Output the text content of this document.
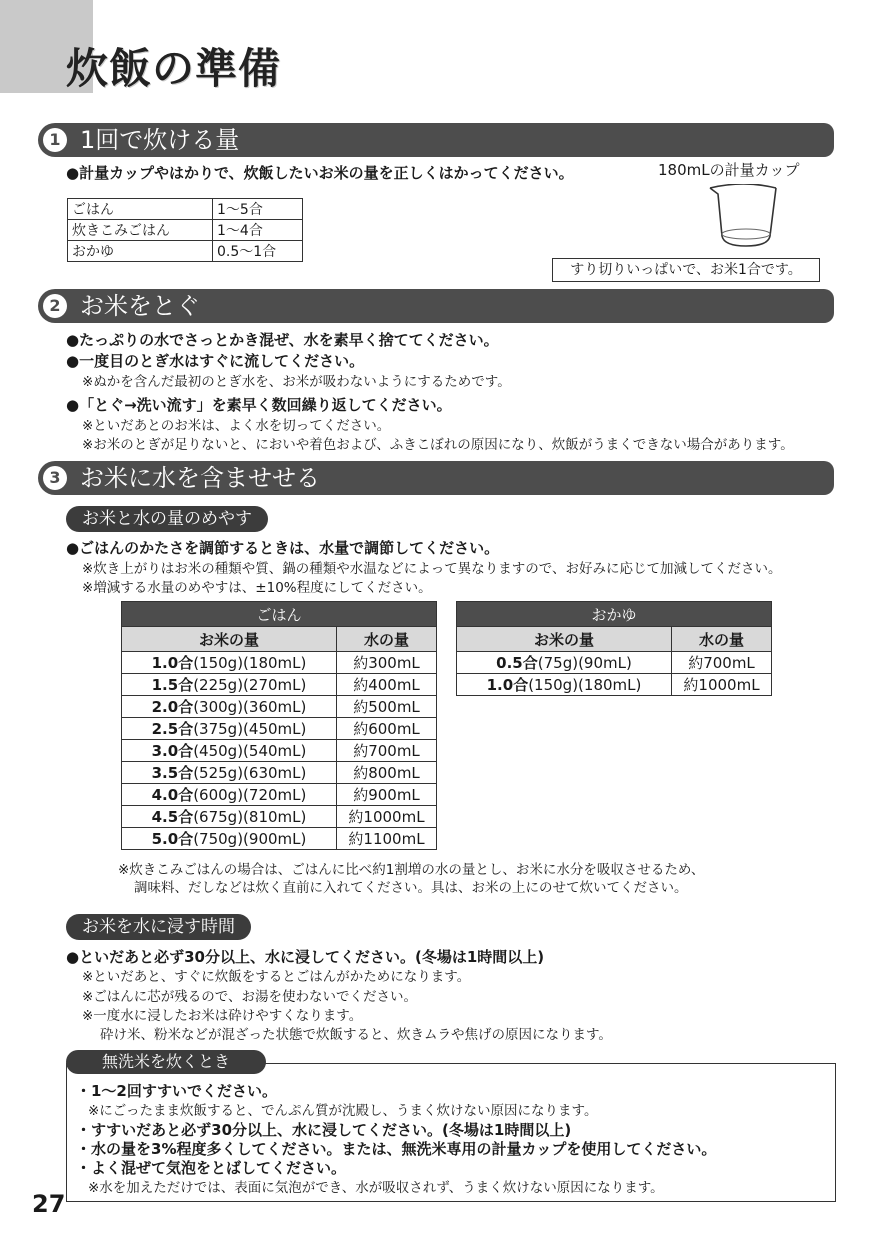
炊飯の準備
1 1回で炊ける量
●計量カップやはかりで、炊飯したいお米の量を正しくはかってください。	180mLの計量カップ
すり切りいっぱいで、お米1合です。
ごはん	1〜5合
炊きこみごはん	1〜4合
おかゆ	0.5〜1合
2 お米をとぐ
●たっぷりの水でさっとかき混ぜ、水を素早く捨ててください。
●一度目のとぎ水はすぐに流してください。
※ぬかを含んだ最初のとぎ水を、お米が吸わないようにするためです。
●「とぐ→洗い流す」を素早く数回繰り返してください。
※といだあとのお米は、よく水を切ってください。
※お米のとぎが足りないと、においや着色および、ふきこぼれの原因になり、炊飯がうまくできない場合があります。
3 お米に水を含ませせる
お米と水の量のめやす
●ごはんのかたさを調節するときは、水量で調節してください。
※炊き上がりはお米の種類や質、鍋の種類や水温などによって異なりますので、お好みに応じて加減してください。
※増減する水量のめやすは、±10%程度にしてください。
ごはん	
お米の量	水の量
1.0合(150g)(180mL)	約300mL
1.5合(225g)(270mL)	約400mL
2.0合(300g)(360mL)	約500mL
2.5合(375g)(450mL)	約600mL
3.0合(450g)(540mL)	約700mL
3.5合(525g)(630mL)	約800mL
4.0合(600g)(720mL)	約900mL
4.5合(675g)(810mL)	約1000mL
5.0合(750g)(900mL)	約1100mL
おかゆ	
お米の量	水の量
0.5合(75g)(90mL)	約700mL
1.0合(150g)(180mL)	約1000mL
※炊きこみごはんの場合は、ごはんに比べ約1割増の水の量とし、お米に水分を吸収させるため、
調味料、だしなどは炊く直前に入れてください。具は、お米の上にのせて炊いてください。
お米を水に浸す時間
●といだあと必ず30分以上、水に浸してください。(冬場は1時間以上)
※といだあと、すぐに炊飯をするとごはんがかためになります。
※ごはんに芯が残るので、お湯を使わないでください。
※一度水に浸したお米は砕けやすくなります。
砕け米、粉米などが混ざった状態で炊飯すると、炊きムラや焦げの原因になります。
無洗米を炊くとき
・1〜2回すすいでください。
※にごったまま炊飯すると、でんぷん質が沈殿し、うまく炊けない原因になります。
・すすいだあと必ず30分以上、水に浸してください。(冬場は1時間以上)
・水の量を3%程度多くしてください。または、無洗米専用の計量カップを使用してください。
・よく混ぜて気泡をとばしてください。
※水を加えただけでは、表面に気泡ができ、水が吸収されず、うまく炊けない原因になります。
27
